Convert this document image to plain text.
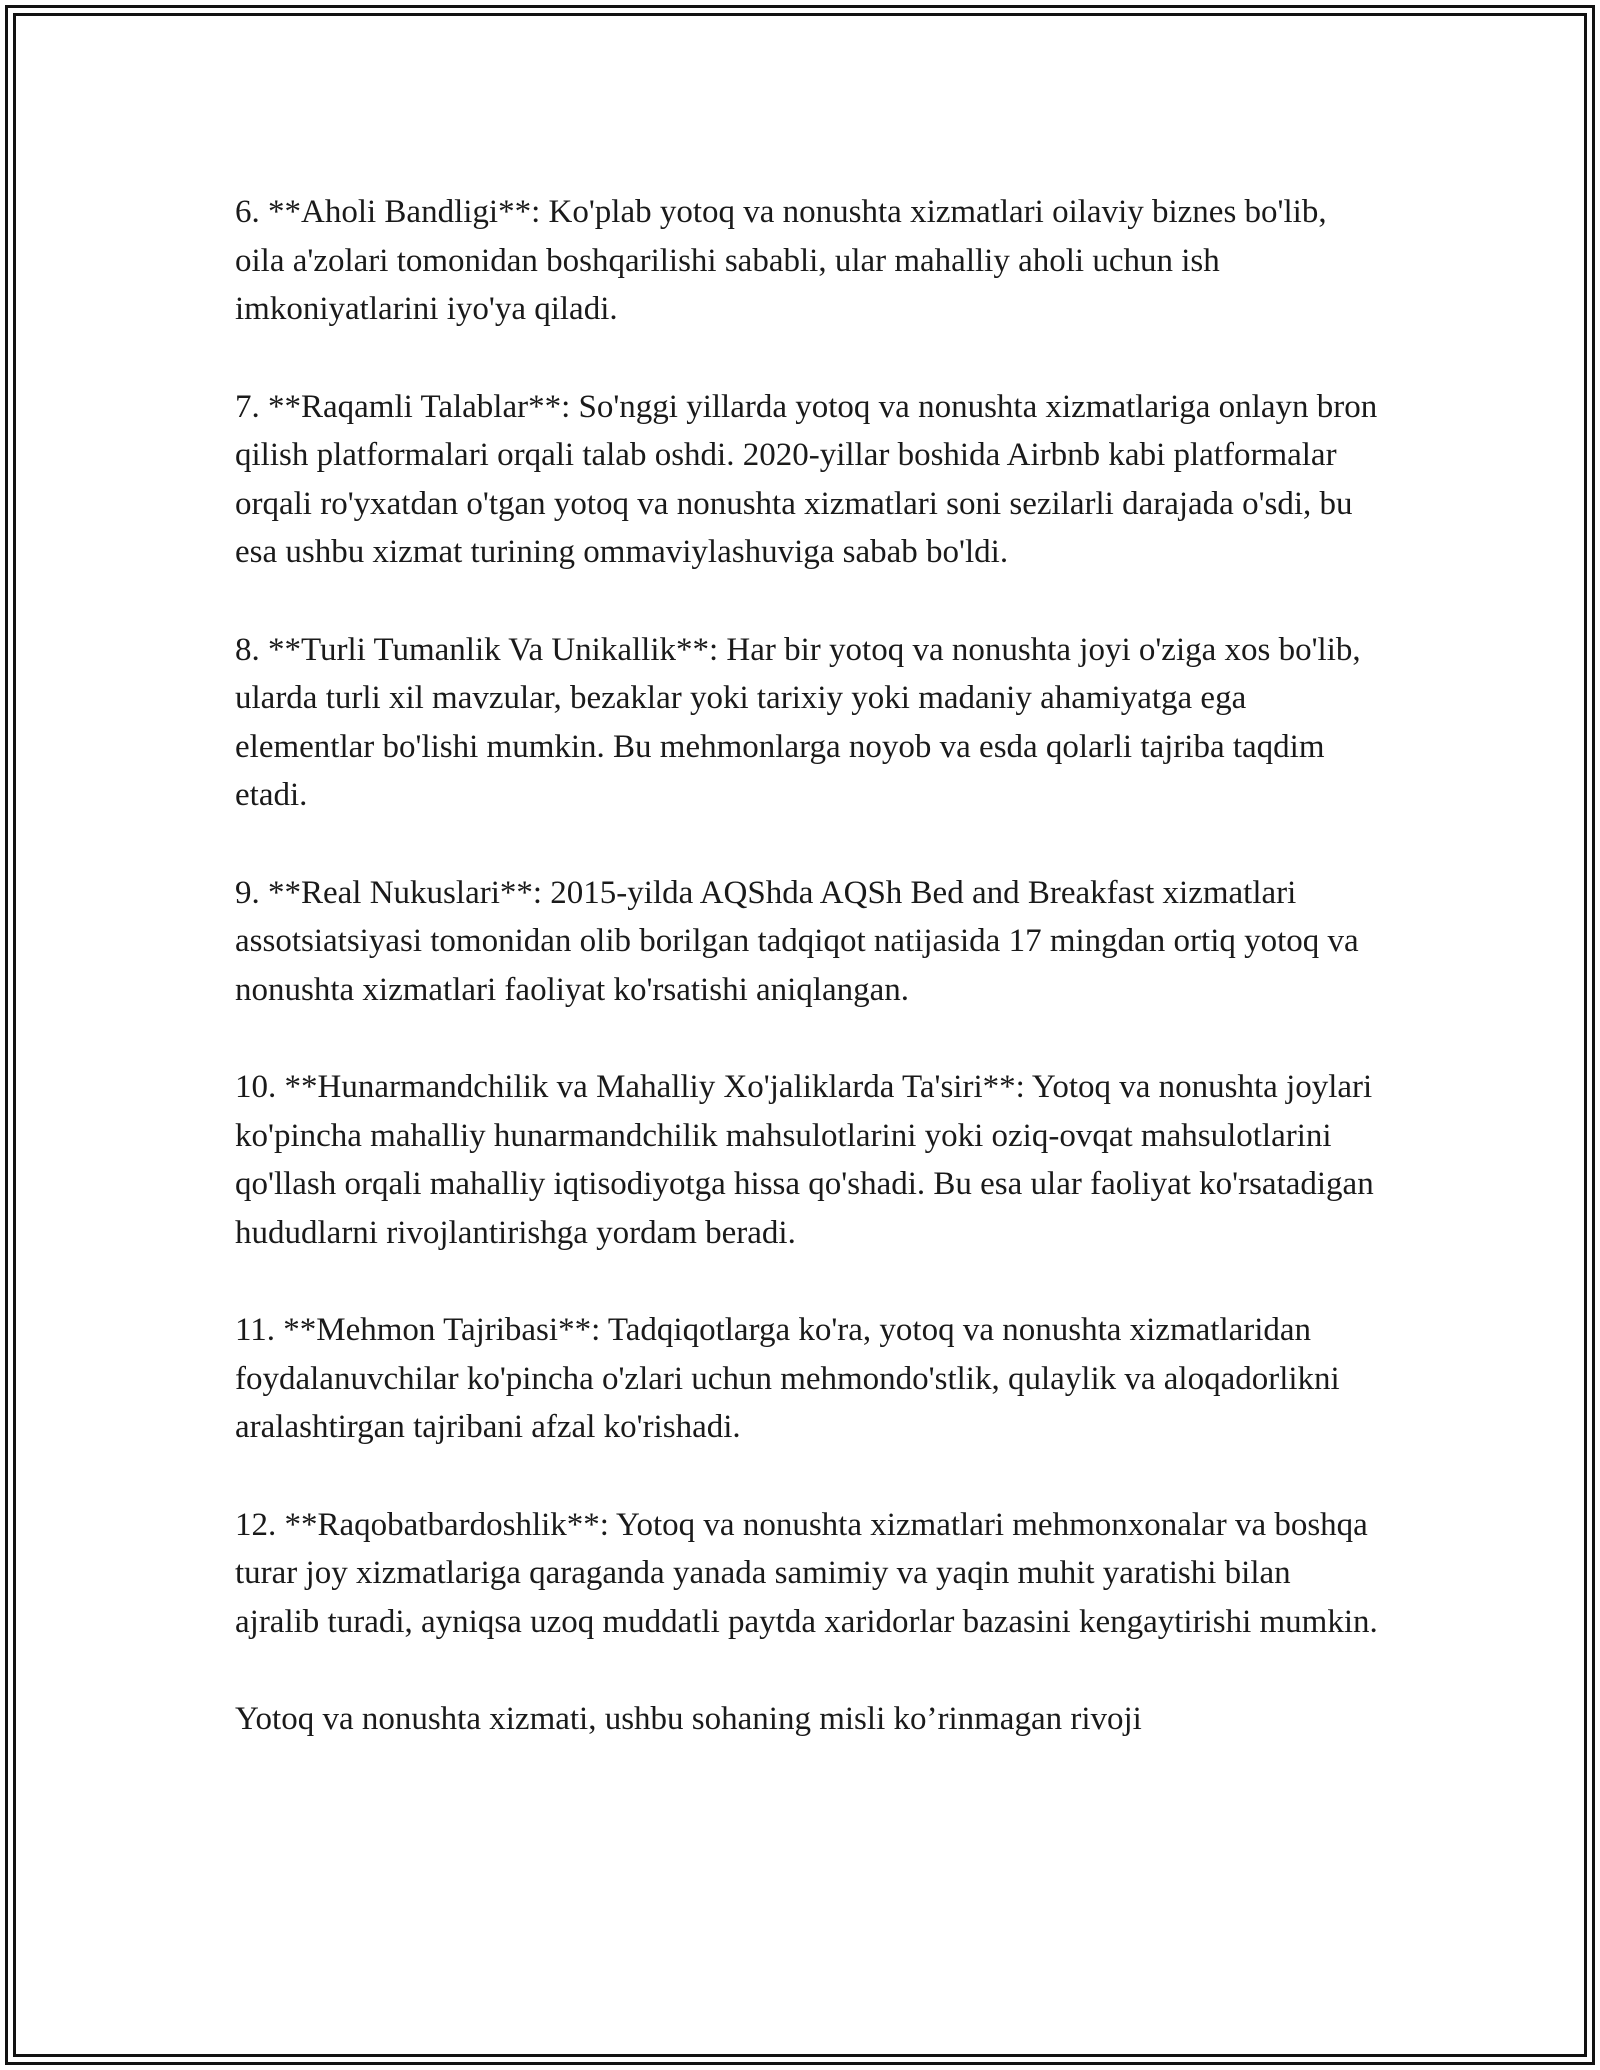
6. **Aholi Bandligi**: Ko'plab yotoq va nonushta xizmatlari oilaviy biznes bo'lib, oila a'zolari tomonidan boshqarilishi sababli, ular mahalliy aholi uchun ish imkoniyatlarini iyo'ya qiladi.

7. **Raqamli Talablar**: So'nggi yillarda yotoq va nonushta xizmatlariga onlayn bron qilish platformalari orqali talab oshdi. 2020-yillar boshida Airbnb kabi platformalar orqali ro'yxatdan o'tgan yotoq va nonushta xizmatlari soni sezilarli darajada o'sdi, bu esa ushbu xizmat turining ommaviylashuviga sabab bo'ldi.

8. **Turli Tumanlik Va Unikallik**: Har bir yotoq va nonushta joyi o'ziga xos bo'lib, ularda turli xil mavzular, bezaklar yoki tarixiy yoki madaniy ahamiyatga ega elementlar bo'lishi mumkin. Bu mehmonlarga noyob va esda qolarli tajriba taqdim etadi.

9. **Real Nukuslari**: 2015-yilda AQShda AQSh Bed and Breakfast xizmatlari assotsiatsiyasi tomonidan olib borilgan tadqiqot natijasida 17 mingdan ortiq yotoq va nonushta xizmatlari faoliyat ko'rsatishi aniqlangan.

10. **Hunarmandchilik va Mahalliy Xo'jaliklarda Ta'siri**: Yotoq va nonushta joylari ko'pincha mahalliy hunarmandchilik mahsulotlarini yoki oziq-ovqat mahsulotlarini qo'llash orqali mahalliy iqtisodiyotga hissa qo'shadi. Bu esa ular faoliyat ko'rsatadigan hududlarni rivojlantirishga yordam beradi.

11. **Mehmon Tajribasi**: Tadqiqotlarga ko'ra, yotoq va nonushta xizmatlaridan foydalanuvchilar ko'pincha o'zlari uchun mehmondo'stlik, qulaylik va aloqadorlikni aralashtirgan tajribani afzal ko'rishadi.

12. **Raqobatbardoshlik**: Yotoq va nonushta xizmatlari mehmonxonalar va boshqa turar joy xizmatlariga qaraganda yanada samimiy va yaqin muhit yaratishi bilan ajralib turadi, ayniqsa uzoq muddatli paytda xaridorlar bazasini kengaytirishi mumkin.

Yotoq va nonushta xizmati, ushbu sohaning misli ko’rinmagan rivoji
